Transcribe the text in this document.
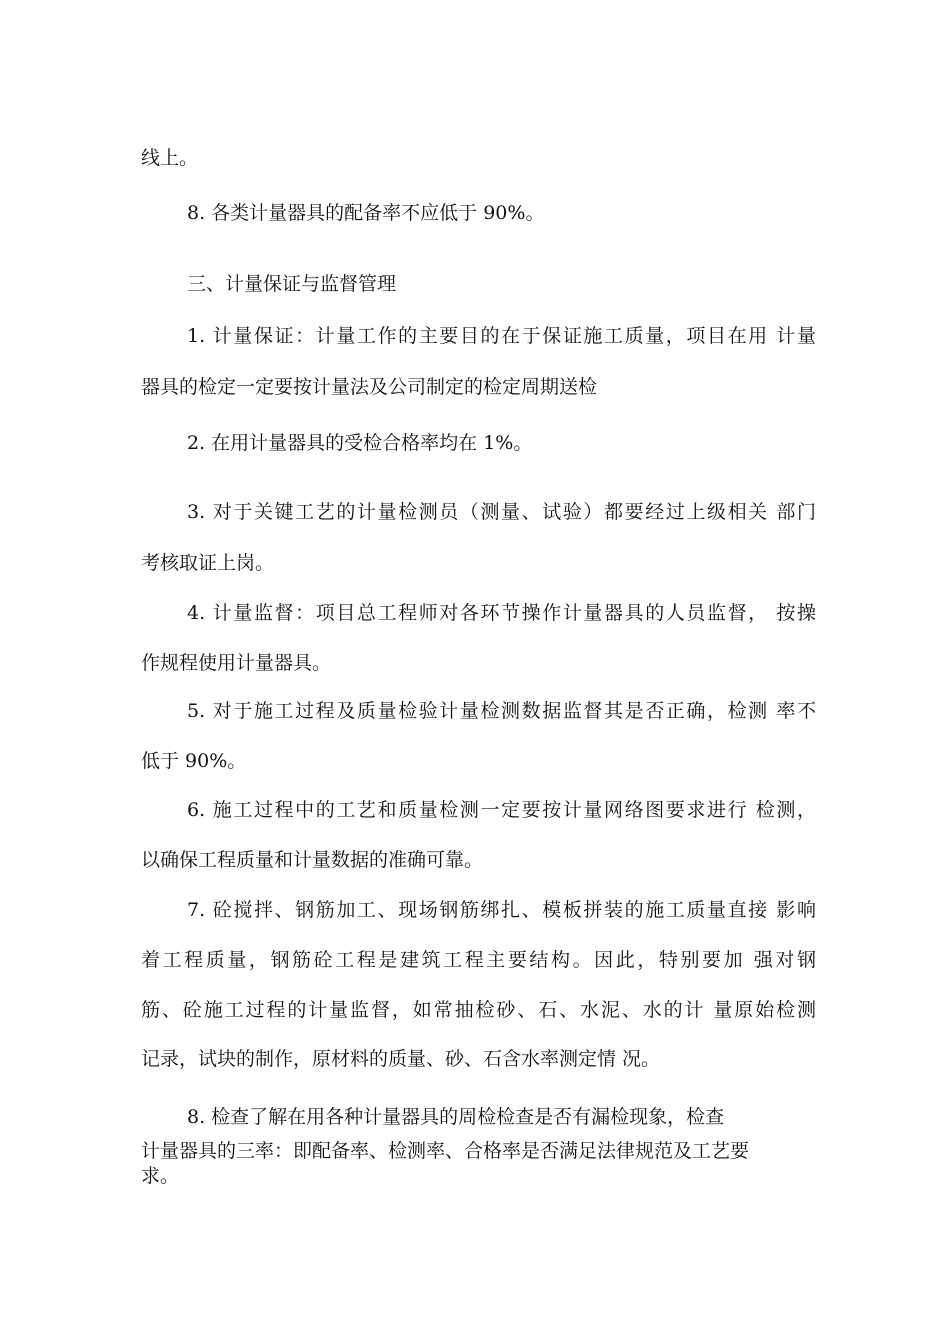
线上。

8. 各类计量器具的配备率不应低于 90%。

三、计量保证与监督管理

1. 计量保证：计量工作的主要目的在于保证施工质量，项目在用 计量

器具的检定一定要按计量法及公司制定的检定周期送检

2. 在用计量器具的受检合格率均在 1%。

3. 对于关键工艺的计量检测员（测量、试验）都要经过上级相关 部门

考核取证上岗。

4. 计量监督：项目总工程师对各环节操作计量器具的人员监督， 按操

作规程使用计量器具。

5. 对于施工过程及质量检验计量检测数据监督其是否正确，检测 率不

低于 90%。

6. 施工过程中的工艺和质量检测一定要按计量网络图要求进行 检测，

以确保工程质量和计量数据的准确可靠。

7. 砼搅拌、钢筋加工、现场钢筋绑扎、模板拼装的施工质量直接 影响

着工程质量，钢筋砼工程是建筑工程主要结构。因此，特别要加 强对钢

筋、砼施工过程的计量监督，如常抽检砂、石、水泥、水的计 量原始检测

记录，试块的制作，原材料的质量、砂、石含水率测定情 况。

8. 检查了解在用各种计量器具的周检检查是否有漏检现象，检查

计量器具的三率：即配备率、检测率、合格率是否满足法律规范及工艺要

求。
